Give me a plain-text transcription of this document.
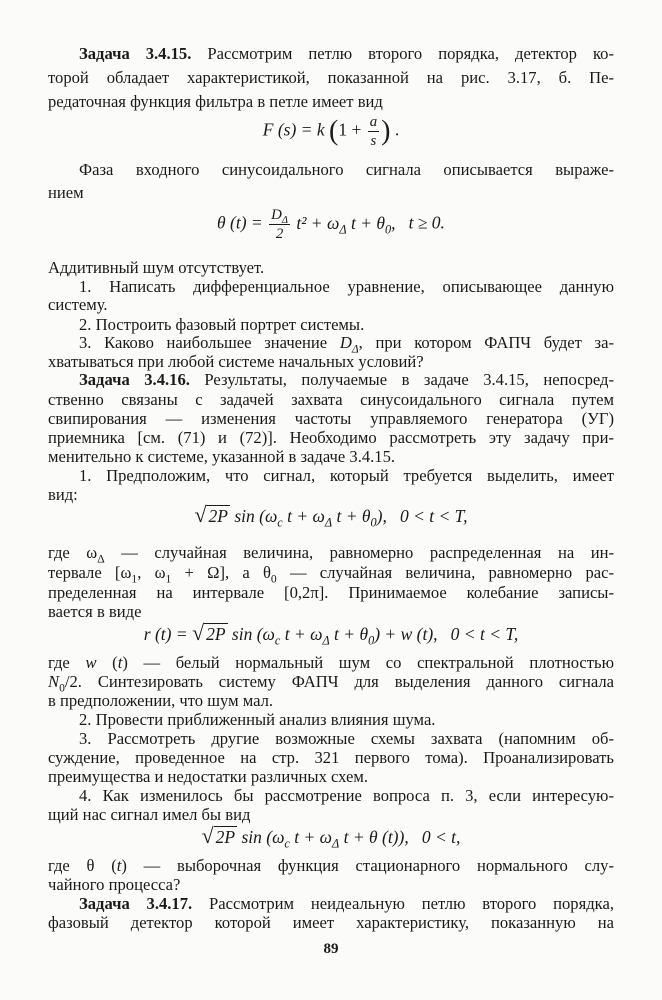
Задача 3.4.15. Рассмотрим петлю второго порядка, детектор ко-

торой обладает характеристикой, показанной на рис. 3.17, б. Пе-

редаточная функция фильтра в петле имеет вид

F (s) = k ($1 + \frac{a}{s}$ ) .

Фаза входного синусоидального сигнала описывается выраже-

нием

θ $(t) = \frac{D_\Delta}{2} t^2 + \omega_\Delta$ $t + \theta_0$, t ≥ 0.

Аддитивный шум отсутствует.

1. Написать дифференциальное уравнение, описывающее данную

систему.

2. Построить фазовый портрет системы.

3. Каково наибольшее значение $D_\Delta$, при котором ФАПЧ будет за-

хватываться при любой системе начальных условий?

Задача 3.4.16. Результаты, получаемые в задаче 3.4.15, непосред-

ственно связаны с задачей захвата синусоидального сигнала путем

свипирования — изменения частоты управляемого генератора (УГ)

приемника [см. (71) и (72)]. Необходимо рассмотреть эту задачу при-

менительно к системе, указанной в задаче 3.4.15.

1. Предположим, что сигнал, который требуется выделить, имеет

вид:

√ 2P $\sin (\omega_c$ $t + \omega_\Delta$ $t + \theta_0$), 0 < t < T,

где $\omega_\Delta$ — случайная величина, равномерно распределенная на ин-

тервале [$\omega_1$, $\omega_1 + \Omega$], а $\theta_0$ — случайная величина, равномерно рас-

пределенная на интервале [0,2π]. Принимаемое колебание записы-

вается в виде

r (t) = √ 2P $\sin (\omega_c$ $t + \omega_\Delta$ $t + \theta_0) + w$ (t), 0 < t < T,

где w (t) — белый нормальный шум со спектральной плотностью

$N_0/2$. Синтезировать систему ФАПЧ для выделения данного сигнала

в предположении, что шум мал.

2. Провести приближенный анализ влияния шума.

3. Рассмотреть другие возможные схемы захвата (напомним об-

суждение, проведенное на стр. 321 первого тома). Проанализировать

преимущества и недостатки различных схем.

4. Как изменилось бы рассмотрение вопроса п. 3, если интересую-

щий нас сигнал имел бы вид

√ 2P $\sin (\omega_c$ $t + \omega_\Delta$ t + θ (t)), 0 < t,

где θ (t) — выборочная функция стационарного нормального слу-

чайного процесса?

Задача 3.4.17. Рассмотрим неидеальную петлю второго порядка,

фазовый детектор которой имеет характеристику, показанную на

89
